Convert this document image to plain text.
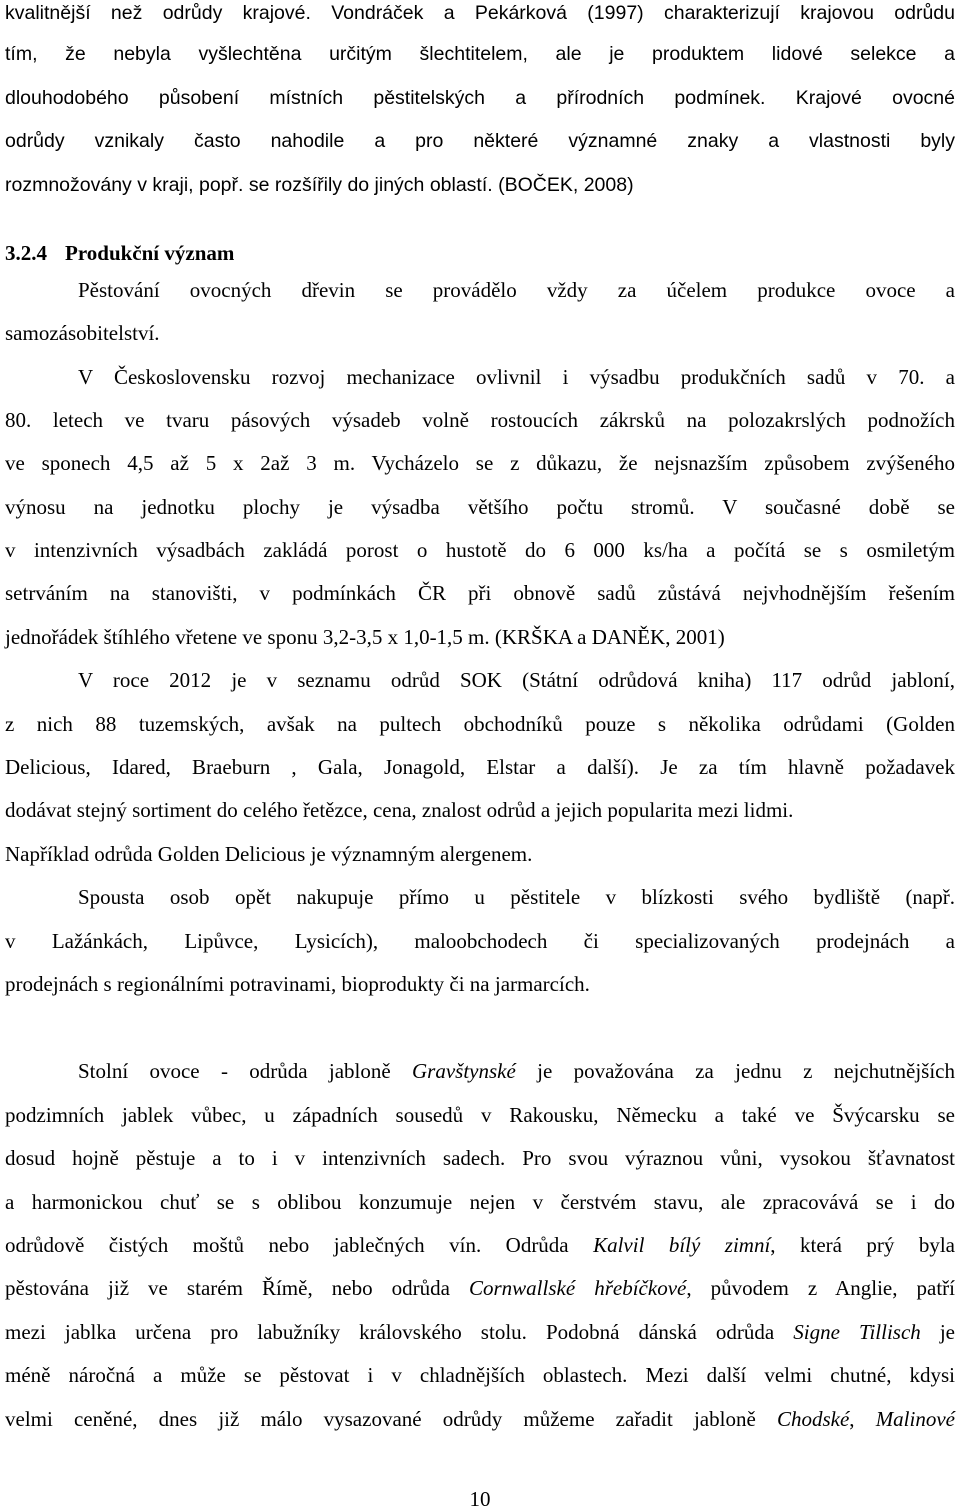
kvalitnější než odrůdy krajové. Vondráček a Pekárková (1997) charakterizují krajovou odrůdu
tím, že nebyla vyšlechtěna určitým šlechtitelem, ale je produktem lidové selekce a
dlouhodobého působení místních pěstitelských a přírodních podmínek. Krajové ovocné
odrůdy vznikaly často nahodile a pro některé významné znaky a vlastnosti byly
rozmnožovány v kraji, popř. se rozšířily do jiných oblastí. (BOČEK, 2008)
3.2.4 Produkční význam
Pěstování ovocných dřevin se provádělo vždy za účelem produkce ovoce a
samozásobitelství.
V Československu rozvoj mechanizace ovlivnil i výsadbu produkčních sadů v 70. a
80. letech ve tvaru pásových výsadeb volně rostoucích zákrsků na polozakrslých podnožích
ve sponech 4,5 až 5 x 2až 3 m. Vycházelo se z důkazu, že nejsnazším způsobem zvýšeného
výnosu na jednotku plochy je výsadba většího počtu stromů. V současné době se
v intenzivních výsadbách zakládá porost o hustotě do 6 000 ks/ha a počítá se s osmiletým
setrváním na stanovišti, v podmínkách ČR při obnově sadů zůstává nejvhodnějším řešením
jednořádek štíhlého vřetene ve sponu 3,2-3,5 x 1,0-1,5 m. (KRŠKA a DANĚK, 2001)
V roce 2012 je v seznamu odrůd SOK (Státní odrůdová kniha) 117 odrůd jabloní,
z nich 88 tuzemských, avšak na pultech obchodníků pouze s několika odrůdami (Golden
Delicious, Idared, Braeburn , Gala, Jonagold, Elstar a další). Je za tím hlavně požadavek
dodávat stejný sortiment do celého řetězce, cena, znalost odrůd a jejich popularita mezi lidmi.
Například odrůda Golden Delicious je významným alergenem.
Spousta osob opět nakupuje přímo u pěstitele v blízkosti svého bydliště (např.
v Lažánkách, Lipůvce, Lysicích), maloobchodech či specializovaných prodejnách a
prodejnách s regionálními potravinami, bioprodukty či na jarmarcích.
Stolní ovoce - odrůda jabloně Gravštynské je považována za jednu z nejchutnějších
podzimních jablek vůbec, u západních sousedů v Rakousku, Německu a také ve Švýcarsku se
dosud hojně pěstuje a to i v intenzivních sadech. Pro svou výraznou vůni, vysokou šťavnatost
a harmonickou chuť se s oblibou konzumuje nejen v čerstvém stavu, ale zpracovává se i do
odrůdově čistých moštů nebo jablečných vín. Odrůda Kalvil bílý zimní, která prý byla
pěstována již ve starém Římě, nebo odrůda Cornwallské hřebíčkové, původem z Anglie, patří
mezi jablka určena pro labužníky královského stolu. Podobná dánská odrůda Signe Tillisch je
méně náročná a může se pěstovat i v chladnějších oblastech. Mezi další velmi chutné, kdysi
velmi ceněné, dnes již málo vysazované odrůdy můžeme zařadit jabloně Chodské, Malinové
10
